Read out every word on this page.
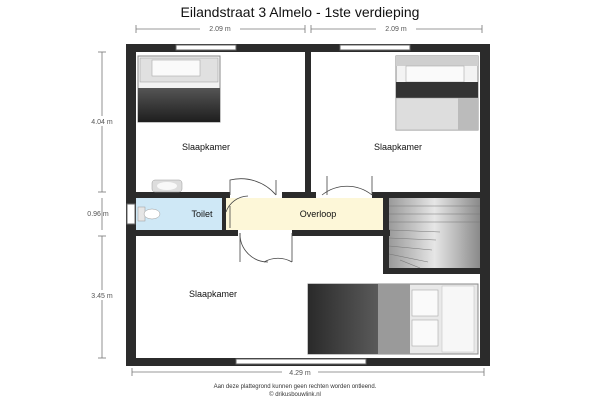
Eilandstraat 3 Almelo - 1ste verdieping
2.09 m	2.09 m
4.04 m
0.96 m
3.45 m
4.29 m
Slaapkamer	Slaapkamer
Toilet	Overloop
Slaapkamer
Aan deze plattegrond kunnen geen rechten worden ontleend.
© drikusbouwlink.nl
